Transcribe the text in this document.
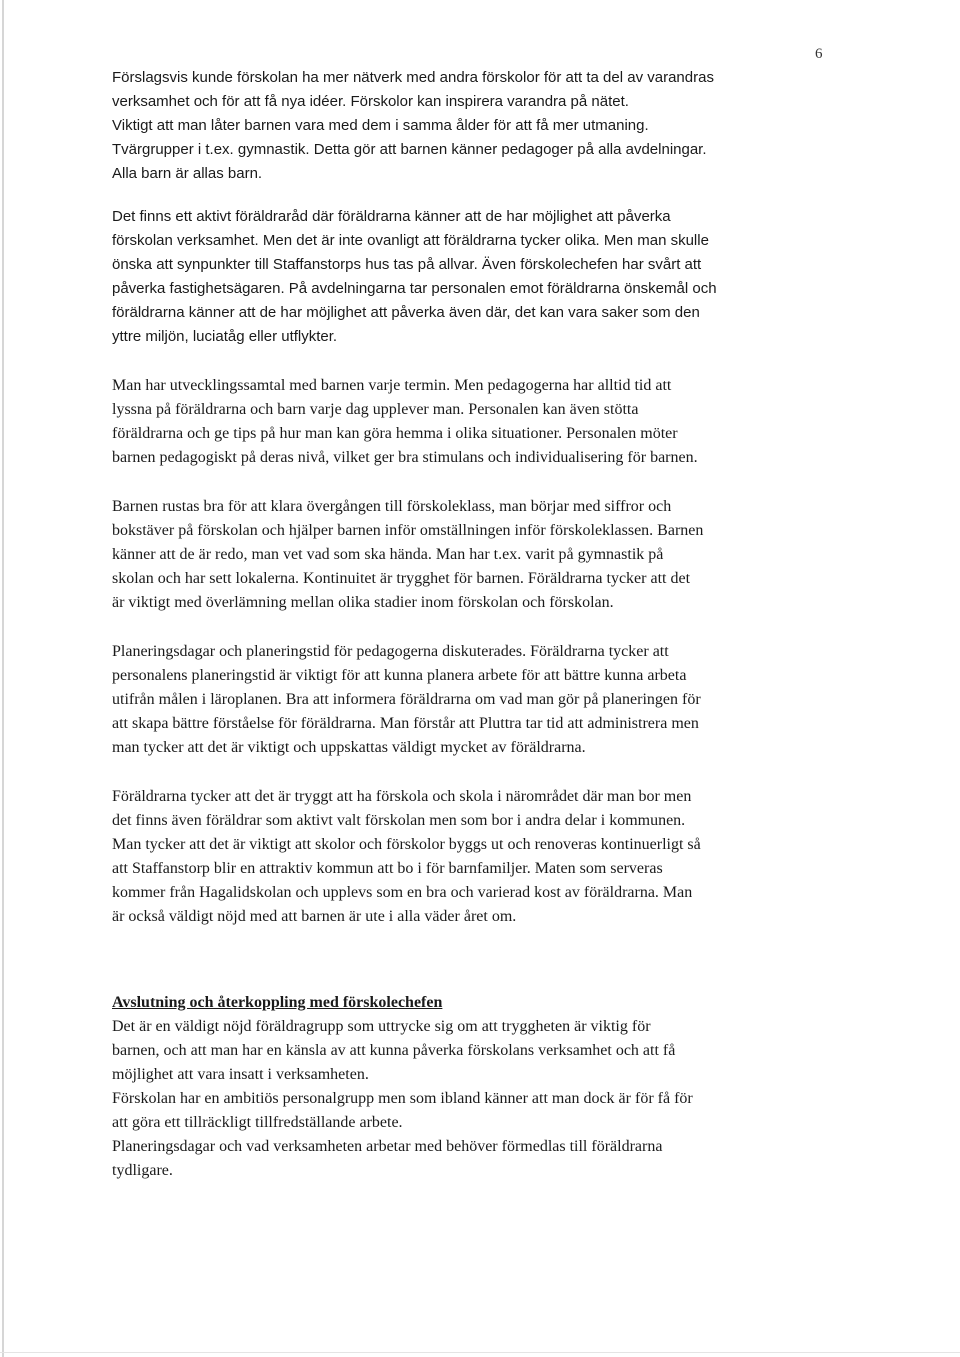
6

Förslagsvis kunde förskolan ha mer nätverk med andra förskolor för att ta del av varandras
verksamhet och för att få nya idéer. Förskolor kan inspirera varandra på nätet.
Viktigt att man låter barnen vara med dem i samma ålder för att få mer utmaning.
Tvärgrupper i t.ex. gymnastik. Detta gör att barnen känner pedagoger på alla avdelningar.
Alla barn är allas barn.

Det finns ett aktivt föräldraråd där föräldrarna känner att de har möjlighet att påverka
förskolan verksamhet. Men det är inte ovanligt att föräldrarna tycker olika. Men man skulle
önska att synpunkter till Staffanstorps hus tas på allvar. Även förskolechefen har svårt att
påverka fastighetsägaren. På avdelningarna tar personalen emot föräldrarna önskemål och
föräldrarna känner att de har möjlighet att påverka även där, det kan vara saker som den
yttre miljön, luciatåg eller utflykter.

Man har utvecklingssamtal med barnen varje termin. Men pedagogerna har alltid tid att
lyssna på föräldrarna och barn varje dag upplever man. Personalen kan även stötta
föräldrarna och ge tips på hur man kan göra hemma i olika situationer. Personalen möter
barnen pedagogiskt på deras nivå, vilket ger bra stimulans och individualisering för barnen.

Barnen rustas bra för att klara övergången till förskoleklass, man börjar med siffror och
bokstäver på förskolan och hjälper barnen inför omställningen inför förskoleklassen. Barnen
känner att de är redo, man vet vad som ska hända. Man har t.ex. varit på gymnastik på
skolan och har sett lokalerna. Kontinuitet är trygghet för barnen. Föräldrarna tycker att det
är viktigt med överlämning mellan olika stadier inom förskolan och förskolan.

Planeringsdagar och planeringstid för pedagogerna diskuterades. Föräldrarna tycker att
personalens planeringstid är viktigt för att kunna planera arbete för att bättre kunna arbeta
utifrån målen i läroplanen. Bra att informera föräldrarna om vad man gör på planeringen för
att skapa bättre förståelse för föräldrarna. Man förstår att Pluttra tar tid att administrera men
man tycker att det är viktigt och uppskattas väldigt mycket av föräldrarna.

Föräldrarna tycker att det är tryggt att ha förskola och skola i närområdet där man bor men
det finns även föräldrar som aktivt valt förskolan men som bor i andra delar i kommunen.
Man tycker att det är viktigt att skolor och förskolor byggs ut och renoveras kontinuerligt så
att Staffanstorp blir en attraktiv kommun att bo i för barnfamiljer. Maten som serveras
kommer från Hagalidskolan och upplevs som en bra och varierad kost av föräldrarna. Man
är också väldigt nöjd med att barnen är ute i alla väder året om.

Avslutning och återkoppling med förskolechefen

Det är en väldigt nöjd föräldragrupp som uttrycke sig om att tryggheten är viktig för
barnen, och att man har en känsla av att kunna påverka förskolans verksamhet och att få
möjlighet att vara insatt i verksamheten.
Förskolan har en ambitiös personalgrupp men som ibland känner att man dock är för få för
att göra ett tillräckligt tillfredställande arbete.
Planeringsdagar och vad verksamheten arbetar med behöver förmedlas till föräldrarna
tydligare.
